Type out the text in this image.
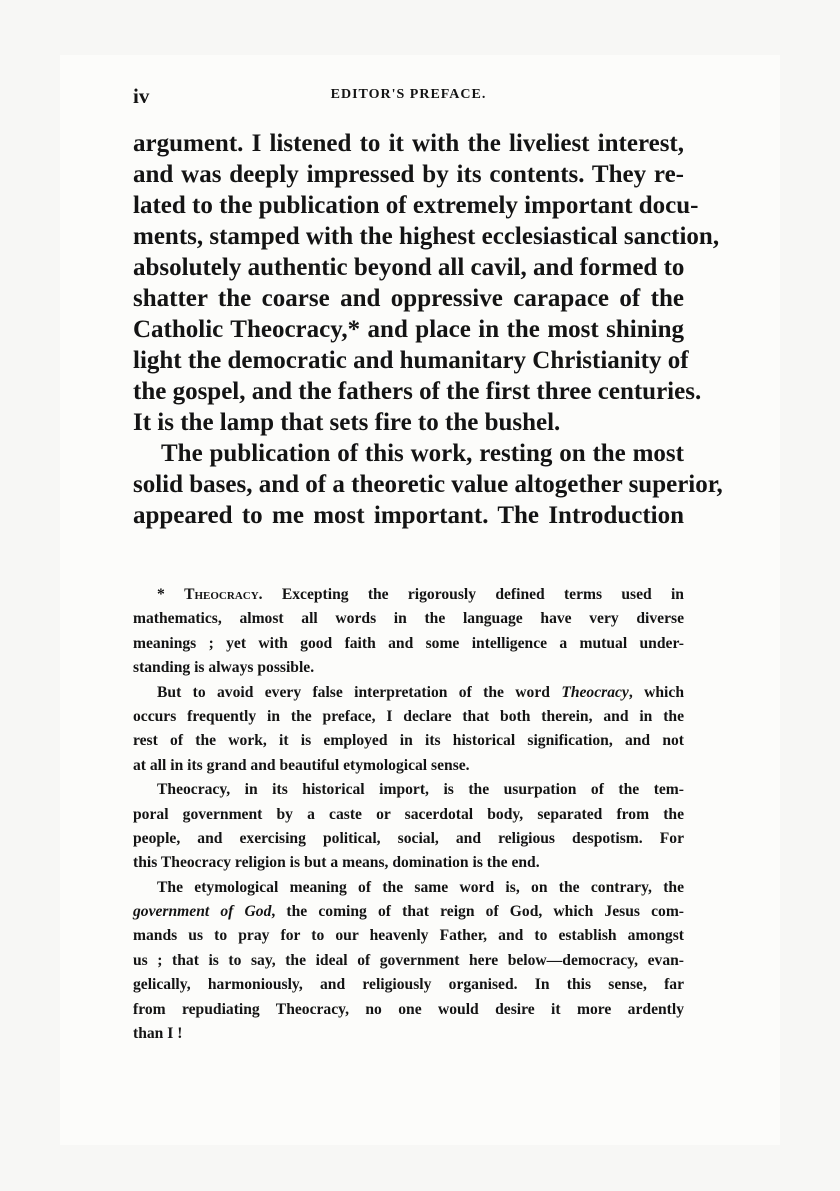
iv	EDITOR'S PREFACE.
argument. I listened to it with the liveliest interest,
and was deeply impressed by its contents. They re-
lated to the publication of extremely important docu-
ments, stamped with the highest ecclesiastical sanction,
absolutely authentic beyond all cavil, and formed to
shatter the coarse and oppressive carapace of the
Catholic Theocracy,* and place in the most shining
light the democratic and humanitary Christianity of
the gospel, and the fathers of the first three centuries.
It is the lamp that sets fire to the bushel.
The publication of this work, resting on the most
solid bases, and of a theoretic value altogether superior,
appeared to me most important. The Introduction
* Theocracy. Excepting the rigorously defined terms used in
mathematics, almost all words in the language have very diverse
meanings ; yet with good faith and some intelligence a mutual under-
standing is always possible.
But to avoid every false interpretation of the word Theocracy, which
occurs frequently in the preface, I declare that both therein, and in the
rest of the work, it is employed in its historical signification, and not
at all in its grand and beautiful etymological sense.
Theocracy, in its historical import, is the usurpation of the tem-
poral government by a caste or sacerdotal body, separated from the
people, and exercising political, social, and religious despotism. For
this Theocracy religion is but a means, domination is the end.
The etymological meaning of the same word is, on the contrary, the
government of God, the coming of that reign of God, which Jesus com-
mands us to pray for to our heavenly Father, and to establish amongst
us ; that is to say, the ideal of government here below—democracy, evan-
gelically, harmoniously, and religiously organised. In this sense, far
from repudiating Theocracy, no one would desire it more ardently
than I !
